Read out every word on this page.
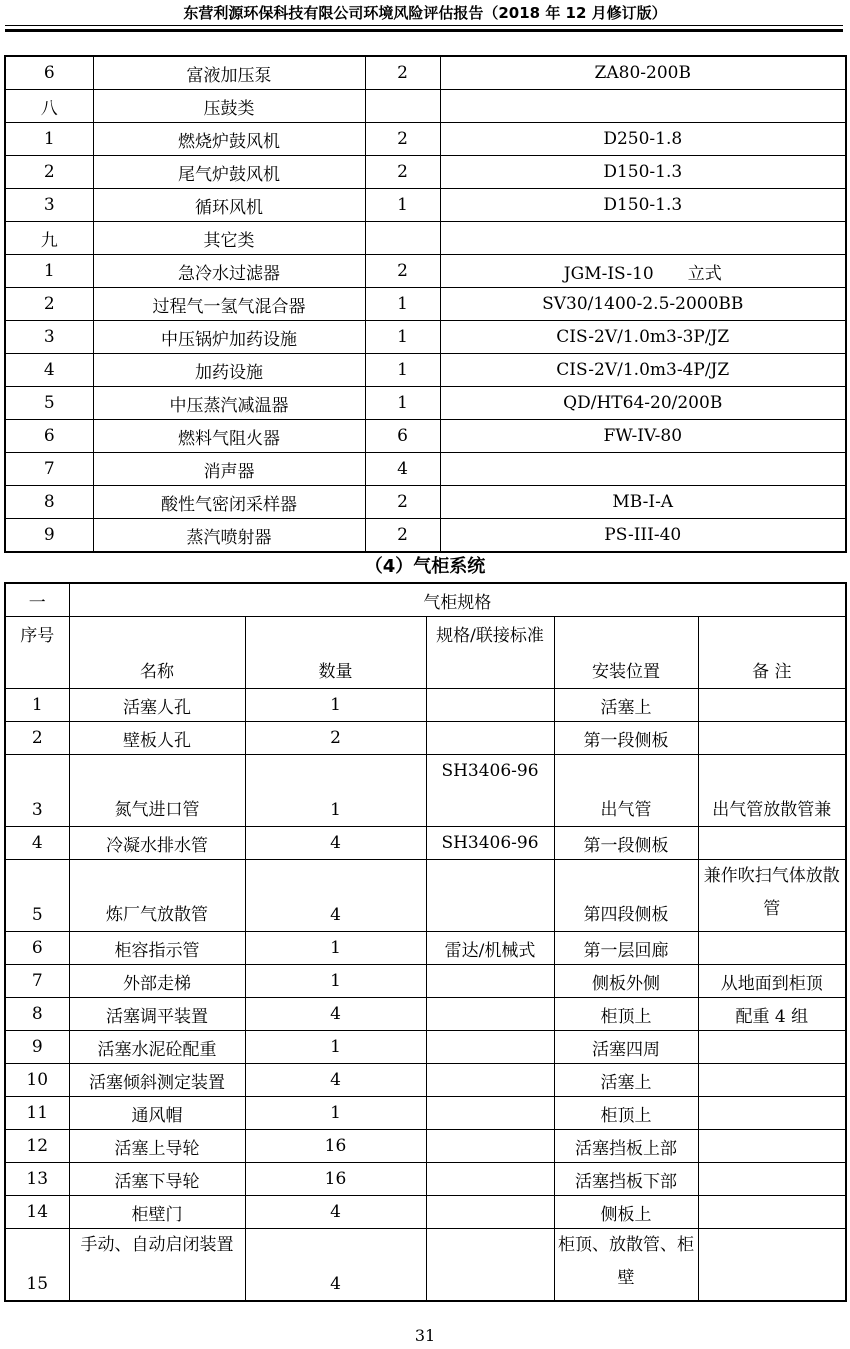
东营利源环保科技有限公司环境风险评估报告（2018 年 12 月修订版）
6	富液加压泵	2	ZA80-200B
八	压鼓类		
1	燃烧炉鼓风机	2	D250-1.8
2	尾气炉鼓风机	2	D150-1.3
3	循环风机	1	D150-1.3
九	其它类		
1	急冷水过滤器	2	JGM-IS-10　　立式
2	过程气一氢气混合器	1	SV30/1400-2.5-2000BB
3	中压锅炉加药设施	1	CIS-2V/1.0m3-3P/JZ
4	加药设施	1	CIS-2V/1.0m3-4P/JZ
5	中压蒸汽减温器	1	QD/HT64-20/200B
6	燃料气阻火器	6	FW-IV-80
7	消声器	4	
8	酸性气密闭采样器	2	MB-I-A
9	蒸汽喷射器	2	PS-III-40
（4）气柜系统
一	气柜规格				
序号	名称	数量	规格/联接标准	安装位置	备 注
1	活塞人孔	1		活塞上	
2	壁板人孔	2		第一段侧板	
3	氮气进口管	1	SH3406-96	出气管	出气管放散管兼
4	冷凝水排水管	4	SH3406-96	第一段侧板	
5	炼厂气放散管	4		第四段侧板	兼作吹扫气体放散管
6	柜容指示管	1	雷达/机械式	第一层回廊	
7	外部走梯	1		侧板外侧	从地面到柜顶
8	活塞调平装置	4		柜顶上	配重 4 组
9	活塞水泥砼配重	1		活塞四周	
10	活塞倾斜测定装置	4		活塞上	
11	通风帽	1		柜顶上	
12	活塞上导轮	16		活塞挡板上部	
13	活塞下导轮	16		活塞挡板下部	
14	柜壁门	4		侧板上	
15	手动、自动启闭装置	4		柜顶、放散管、柜壁	
31
